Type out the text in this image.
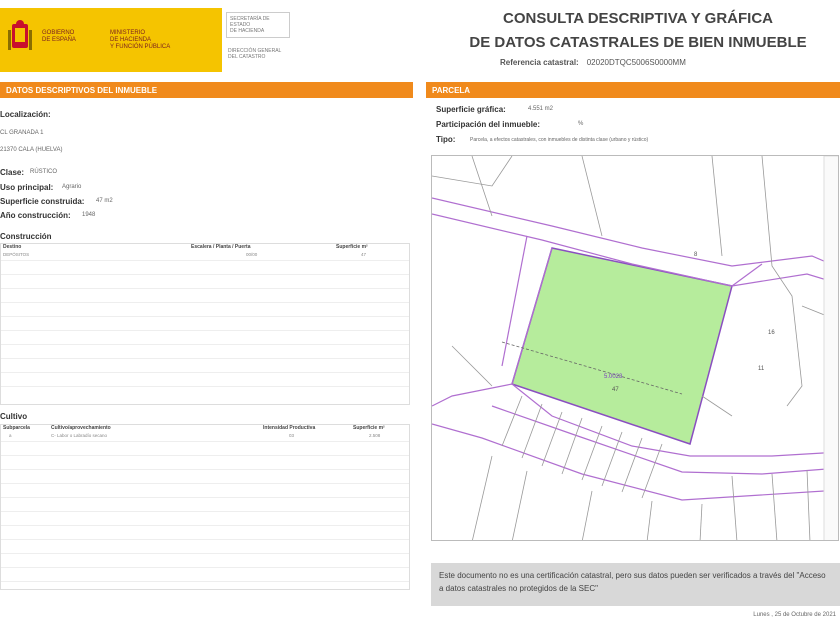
GOBIERNO
DE ESPAÑA
MINISTERIO
DE HACIENDA
Y FUNCIÓN PÚBLICA
SECRETARÍA DE ESTADO
DE HACIENDA
DIRECCIÓN GENERAL
DEL CATASTRO
CONSULTA DESCRIPTIVA Y GRÁFICA
DE DATOS CATASTRALES DE BIEN INMUEBLE
Referencia catastral: 02020DTQC5006S0000MM
DATOS DESCRIPTIVOS DEL INMUEBLE
Localización:
CL GRANADA 1
21370 CALA (HUELVA)
Clase: RÚSTICO
Uso principal: Agrario
Superficie construida: 47 m2
Año construcción: 1948
Construcción
Destino	Escalera / Planta / Puerta	Superficie m²
DEPÓSITOS	00/00	47
Cultivo
Subparcela	Cultivo/aprovechamiento	Intensidad Productiva	Superficie m²
a	C- Labor o Labradío secano	03	2.508
PARCELA
Superficie gráfica:	4.551 m2
Participación del inmueble:	%
Tipo:	Parcela, a efectos catastrales, con inmuebles de distinta clase (urbano y rústico)
5.0023
47
16
11
8
Este documento no es una certificación catastral, pero sus datos pueden ser verificados a través del "Acceso a datos catastrales no protegidos de la SEC"
Lunes , 25 de Octubre de 2021
